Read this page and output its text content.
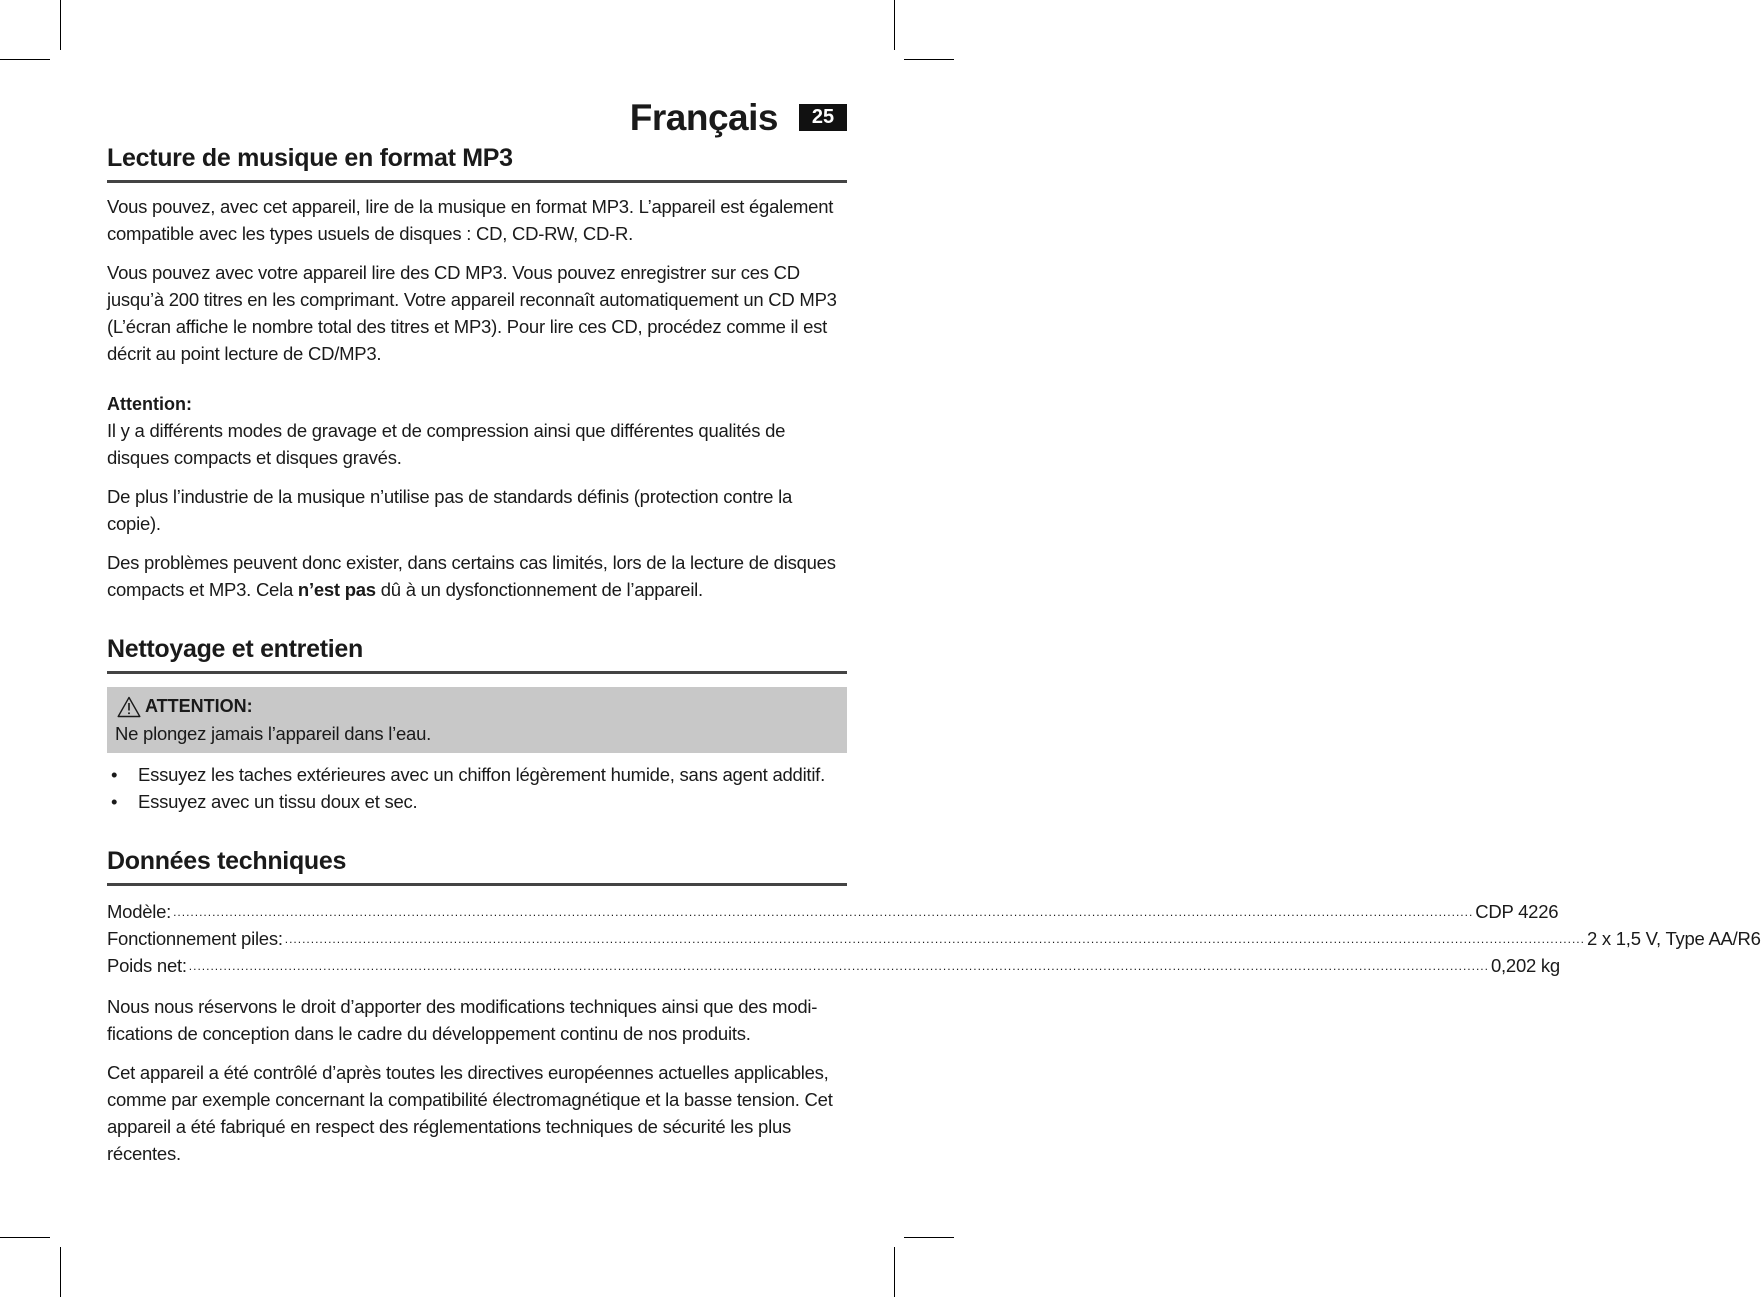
Français	25
Lecture de musique en format MP3

Vous pouvez, avec cet appareil, lire de la musique en format MP3. L’appareil est également compatible avec les types usuels de disques : CD, CD-RW, CD-R.

Vous pouvez avec votre appareil lire des CD MP3. Vous pouvez enregistrer sur ces CD jusqu’à 200 titres en les comprimant. Votre appareil reconnaît automatiquement un CD MP3 (L’écran affiche le nombre total des titres et MP3). Pour lire ces CD, procédez comme il est décrit au point lecture de CD/MP3.

Attention:

Il y a différents modes de gravage et de compression ainsi que différentes qualités de disques compacts et disques gravés.

De plus l’industrie de la musique n’utilise pas de standards définis (protection contre la copie).

Des problèmes peuvent donc exister, dans certains cas limités, lors de la lecture de disques compacts et MP3. Cela n’est pas dû à un dysfonctionnement de l’appareil.

Nettoyage et entretien
ATTENTION:
Ne plongez jamais l’appareil dans l’eau.
• Essuyez les taches extérieures avec un chiffon légèrement humide, sans agent additif.
• Essuyez avec un tissu doux et sec.
Données techniques
Modèle: ............................................................................................................................................................................................................................................................................................................ CDP 4226
Fonctionnement piles: ............................................................................................................................................................................................................................................................................................................ 2 x 1,5 V, Type AA/R6
Poids net: ............................................................................................................................................................................................................................................................................................................ 0,202 kg

Nous nous réservons le droit d’apporter des modifications techniques ainsi que des modi-fications de conception dans le cadre du développement continu de nos produits.

Cet appareil a été contrôlé d’après toutes les directives européennes actuelles applicables, comme par exemple concernant la compatibilité électromagnétique et la basse tension. Cet appareil a été fabriqué en respect des réglementations techniques de sécurité les plus récentes.
